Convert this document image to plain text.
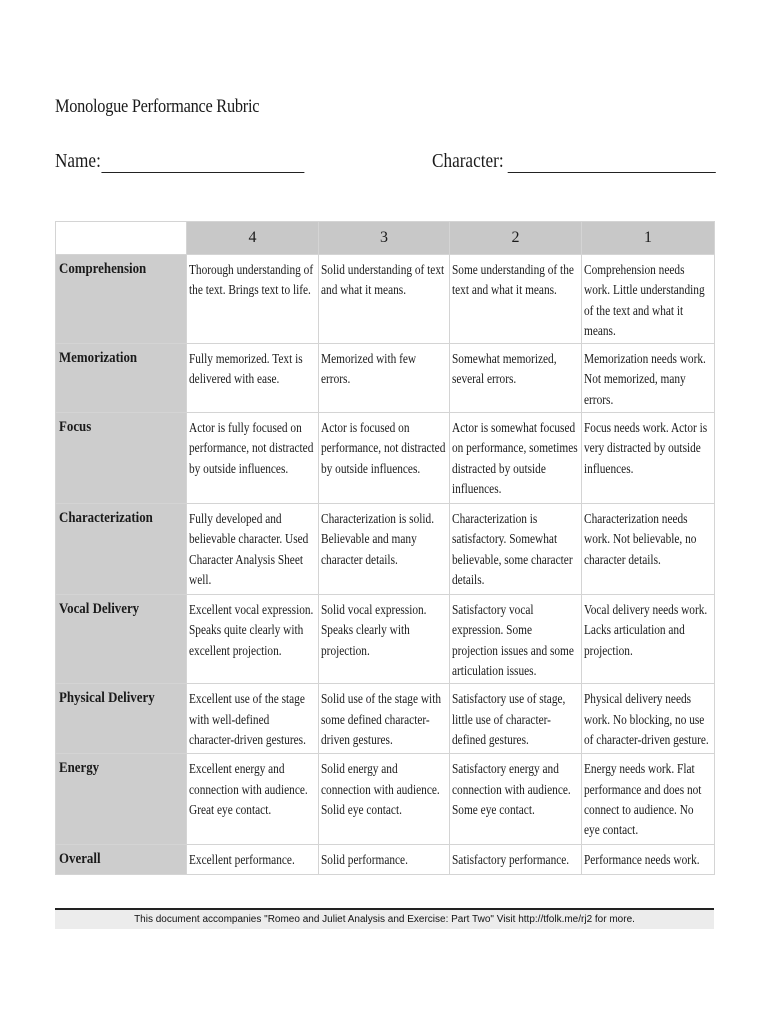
Monologue Performance Rubric
Name:	Character:
	4	3	2	1

Comprehension	Thorough understanding of the text. Brings text to life.	Solid understanding of text and what it means.	Some understanding of the text and what it means.	Comprehension needs work. Little understanding of the text and what it means.

Memorization	Fully memorized. Text is delivered with ease.	Memorized with few errors.	Somewhat memorized, several errors.	Memorization needs work. Not memorized, many errors.

Focus	Actor is fully focused on performance, not distracted by outside influences.	Actor is focused on performance, not distracted by outside influences.	Actor is somewhat focused on performance, sometimes distracted by outside influences.	Focus needs work. Actor is very distracted by outside influences.

Characterization	Fully developed and believable character. Used Character Analysis Sheet well.	Characterization is solid. Believable and many character details.	Characterization is satisfactory. Somewhat believable, some character details.	Characterization needs work. Not believable, no character details.

Vocal Delivery	Excellent vocal expression. Speaks quite clearly with excellent projection.	Solid vocal expression. Speaks clearly with projection.	Satisfactory vocal expression. Some projection issues and some articulation issues.	Vocal delivery needs work. Lacks articulation and projection.

Physical Delivery	Excellent use of the stage with well-defined character-driven gestures.	Solid use of the stage with some defined character-driven gestures.	Satisfactory use of stage, little use of character-defined gestures.	Physical delivery needs work. No blocking, no use of character-driven gesture.

Energy	Excellent energy and connection with audience. Great eye contact.	Solid energy and connection with audience. Solid eye contact.	Satisfactory energy and connection with audience. Some eye contact.	Energy needs work. Flat performance and does not connect to audience. No eye contact.

Overall	Excellent performance.	Solid performance.	Satisfactory performance.	Performance needs work.
This document accompanies "Romeo and Juliet Analysis and Exercise: Part Two" Visit http://tfolk.me/rj2 for more.
